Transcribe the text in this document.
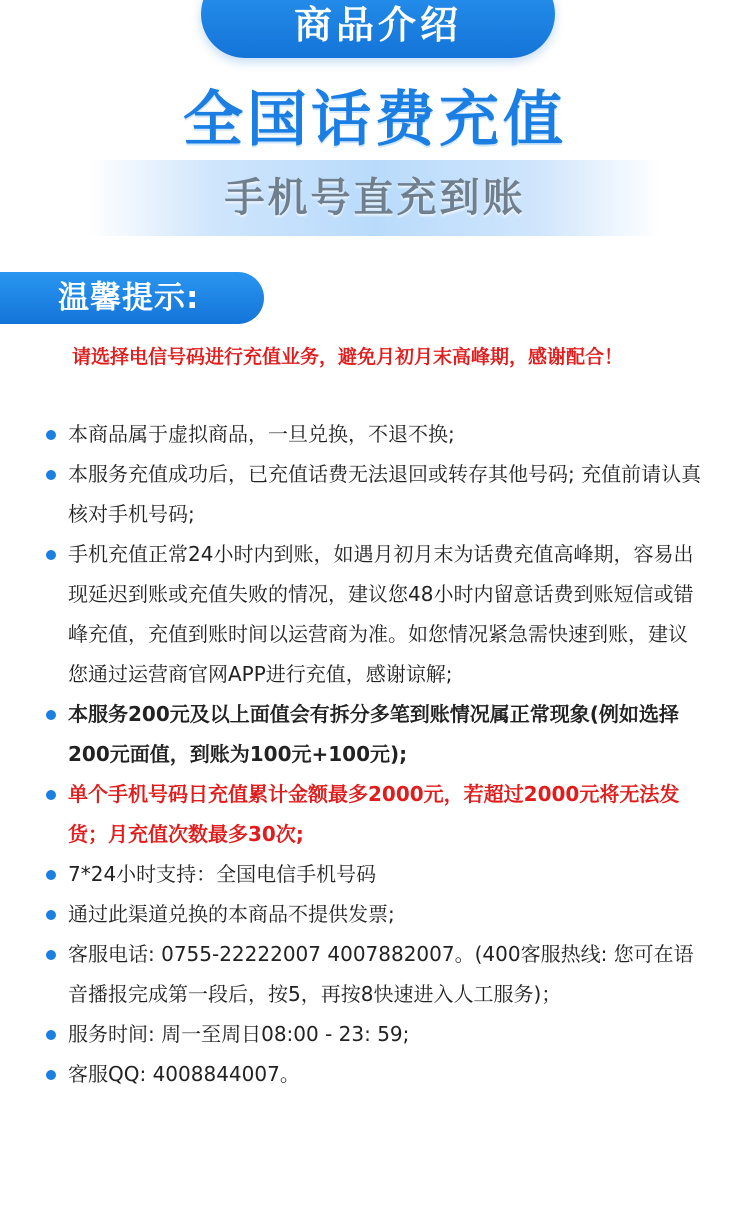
商品介绍
全国话费充值
手机号直充到账
温馨提示:
请选择电信号码进行充值业务，避免月初月末高峰期，感谢配合！
本商品属于虚拟商品，一旦兑换，不退不换;
本服务充值成功后，已充值话费无法退回或转存其他号码; 充值前请认真核对手机号码;
手机充值正常24小时内到账，如遇月初月末为话费充值高峰期，容易出现延迟到账或充值失败的情况，建议您48小时内留意话费到账短信或错峰充值，充值到账时间以运营商为准。如您情况紧急需快速到账，建议您通过运营商官网APP进行充值，感谢谅解;
本服务200元及以上面值会有拆分多笔到账情况属正常现象(例如选择200元面值，到账为100元+100元);
单个手机号码日充值累计金额最多2000元，若超过2000元将无法发货；月充值次数最多30次;
7*24小时支持：全国电信手机号码
通过此渠道兑换的本商品不提供发票;
客服电话: 0755-22222007 4007882007。(400客服热线: 您可在语音播报完成第一段后，按5，再按8快速进入人工服务)；
服务时间: 周一至周日08:00 - 23: 59;
客服QQ: 4008844007。
